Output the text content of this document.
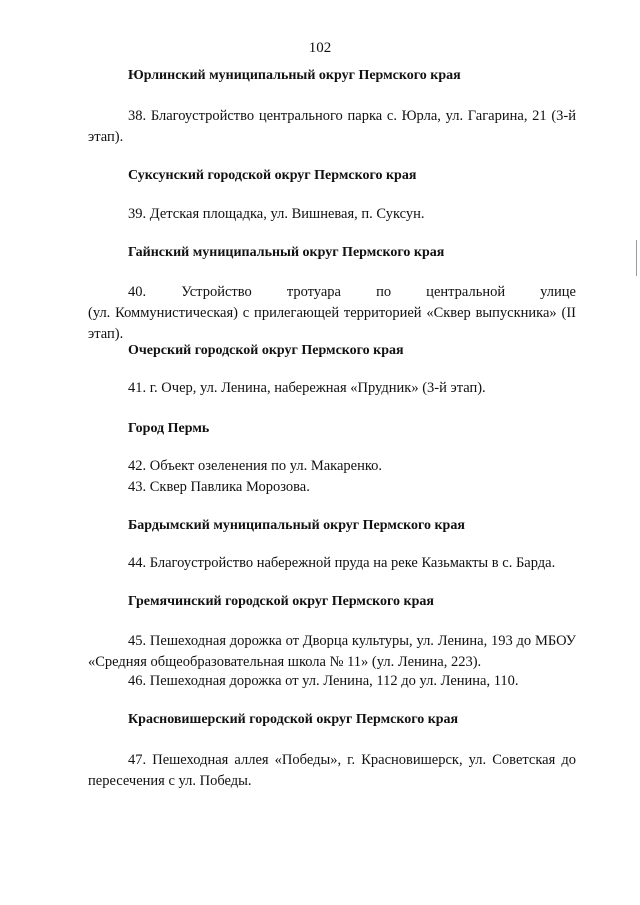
102
Юрлинский муниципальный округ Пермского края
38. Благоустройство центрального парка с. Юрла, ул. Гагарина, 21 (3-й этап).
Суксунский городской округ Пермского края
39. Детская площадка, ул. Вишневая, п. Суксун.
Гайнский муниципальный округ Пермского края
40. Устройство тротуара по центральной улице
(ул. Коммунистическая) с прилегающей территорией «Сквер выпускника» (II этап).
Очерский городской округ Пермского края
41. г. Очер, ул. Ленина, набережная «Прудник» (3-й этап).
Город Пермь
42. Объект озеленения по ул. Макаренко.
43. Сквер Павлика Морозова.
Бардымский муниципальный округ Пермского края
44. Благоустройство набережной пруда на реке Казьмакты в с. Барда.
Гремячинский городской округ Пермского края
45. Пешеходная дорожка от Дворца культуры, ул. Ленина, 193 до МБОУ «Средняя общеобразовательная школа № 11» (ул. Ленина, 223).
46. Пешеходная дорожка от ул. Ленина, 112 до ул. Ленина, 110.
Красновишерский городской округ Пермского края
47. Пешеходная аллея «Победы», г. Красновишерск, ул. Советская до пересечения с ул. Победы.
